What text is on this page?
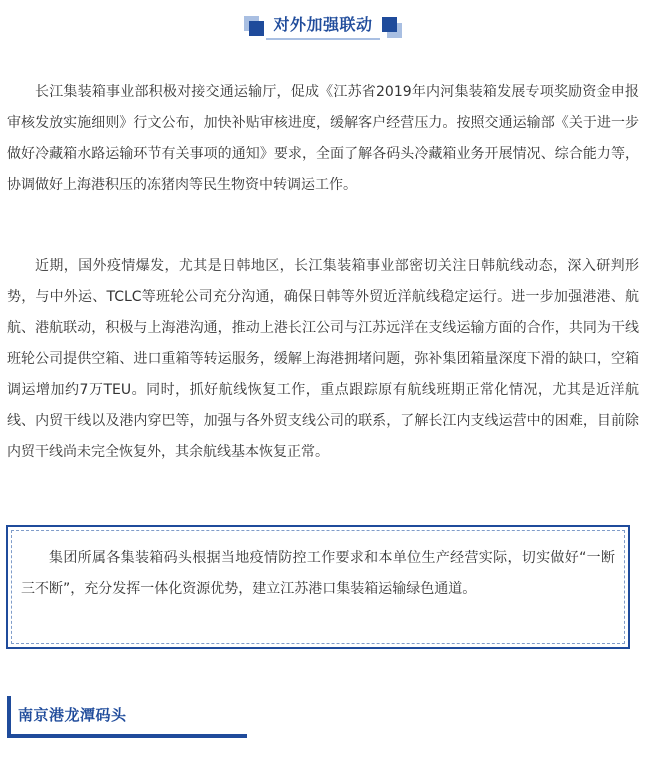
对外加强联动

长江集装箱事业部积极对接交通运输厅，促成《江苏省2019年内河集装箱发展专项奖励资金申报审核发放实施细则》行文公布，加快补贴审核进度，缓解客户经营压力。按照交通运输部《关于进一步做好冷藏箱水路运输环节有关事项的通知》要求，全面了解各码头冷藏箱业务开展情况、综合能力等，协调做好上海港积压的冻猪肉等民生物资中转调运工作。

近期，国外疫情爆发，尤其是日韩地区，长江集装箱事业部密切关注日韩航线动态，深入研判形势，与中外运、TCLC等班轮公司充分沟通，确保日韩等外贸近洋航线稳定运行。进一步加强港港、航航、港航联动，积极与上海港沟通，推动上港长江公司与江苏远洋在支线运输方面的合作，共同为干线班轮公司提供空箱、进口重箱等转运服务，缓解上海港拥堵问题，弥补集团箱量深度下滑的缺口，空箱调运增加约7万TEU。同时，抓好航线恢复工作，重点跟踪原有航线班期正常化情况，尤其是近洋航线、内贸干线以及港内穿巴等，加强与各外贸支线公司的联系，了解长江内支线运营中的困难，目前除内贸干线尚未完全恢复外，其余航线基本恢复正常。

集团所属各集装箱码头根据当地疫情防控工作要求和本单位生产经营实际，切实做好“一断三不断”，充分发挥一体化资源优势，建立江苏港口集装箱运输绿色通道。

南京港龙潭码头
